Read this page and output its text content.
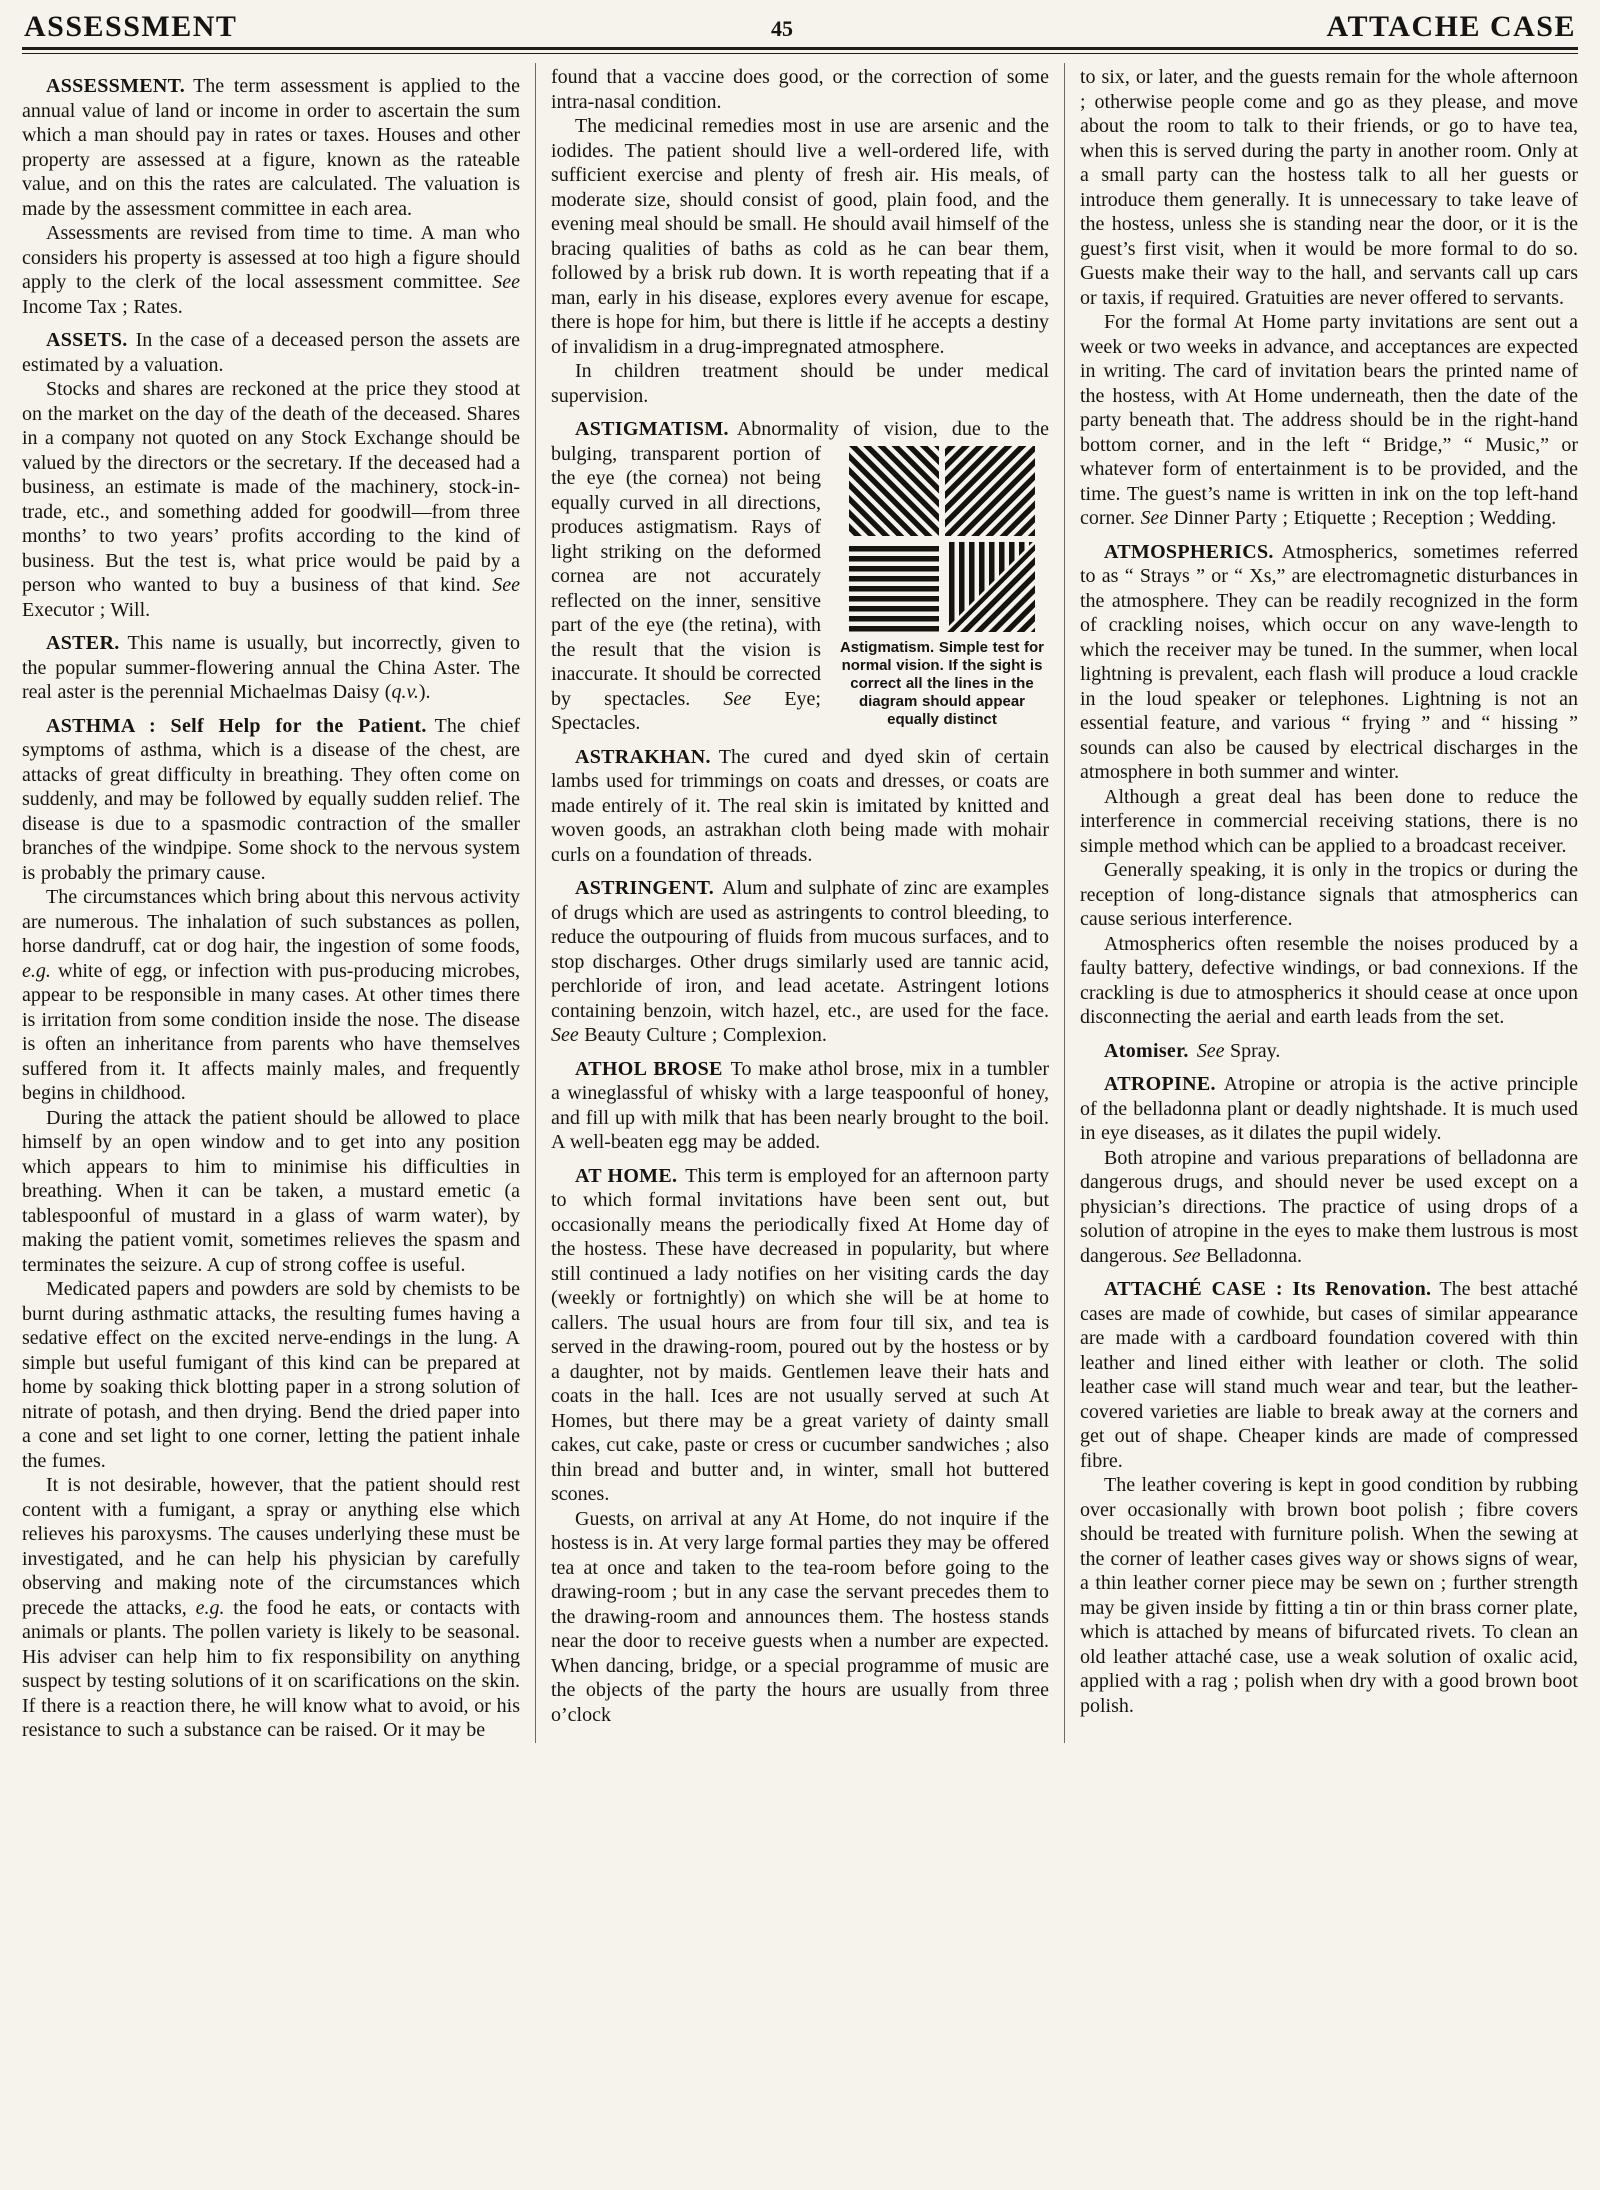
ASSESSMENT	45	ATTACHE CASE

ASSESSMENT. The term assessment is applied to the annual value of land or income in order to ascertain the sum which a man should pay in rates or taxes. Houses and other property are assessed at a figure, known as the rateable value, and on this the rates are calculated. The valuation is made by the assessment committee in each area.

Assessments are revised from time to time. A man who considers his property is assessed at too high a figure should apply to the clerk of the local assessment committee. See Income Tax ; Rates.

ASSETS. In the case of a deceased person the assets are estimated by a valuation.

Stocks and shares are reckoned at the price they stood at on the market on the day of the death of the deceased. Shares in a company not quoted on any Stock Exchange should be valued by the directors or the secretary. If the deceased had a business, an estimate is made of the machinery, stock-in-trade, etc., and something added for goodwill—from three months’ to two years’ profits according to the kind of business. But the test is, what price would be paid by a person who wanted to buy a business of that kind. See Executor ; Will.

ASTER. This name is usually, but incorrectly, given to the popular summer-flowering annual the China Aster. The real aster is the perennial Michaelmas Daisy (q.v.).

ASTHMA : Self Help for the Patient. The chief symptoms of asthma, which is a disease of the chest, are attacks of great difficulty in breathing. They often come on suddenly, and may be followed by equally sudden relief. The disease is due to a spasmodic contraction of the smaller branches of the windpipe. Some shock to the nervous system is probably the primary cause.

The circumstances which bring about this nervous activity are numerous. The inhalation of such substances as pollen, horse dandruff, cat or dog hair, the ingestion of some foods, e.g. white of egg, or infection with pus-producing microbes, appear to be responsible in many cases. At other times there is irritation from some condition inside the nose. The disease is often an inheritance from parents who have themselves suffered from it. It affects mainly males, and frequently begins in childhood.

During the attack the patient should be allowed to place himself by an open window and to get into any position which appears to him to minimise his difficulties in breathing. When it can be taken, a mustard emetic (a tablespoonful of mustard in a glass of warm water), by making the patient vomit, sometimes relieves the spasm and terminates the seizure. A cup of strong coffee is useful.

Medicated papers and powders are sold by chemists to be burnt during asthmatic attacks, the resulting fumes having a sedative effect on the excited nerve-endings in the lung. A simple but useful fumigant of this kind can be prepared at home by soaking thick blotting paper in a strong solution of nitrate of potash, and then drying. Bend the dried paper into a cone and set light to one corner, letting the patient inhale the fumes.

It is not desirable, however, that the patient should rest content with a fumigant, a spray or anything else which relieves his paroxysms. The causes underlying these must be investigated, and he can help his physician by carefully observing and making note of the circumstances which precede the attacks, e.g. the food he eats, or contacts with animals or plants. The pollen variety is likely to be seasonal. His adviser can help him to fix responsibility on anything suspect by testing solutions of it on scarifications on the skin. If there is a reaction there, he will know what to avoid, or his resistance to such a substance can be raised. Or it may be

found that a vaccine does good, or the correction of some intra-nasal condition.

The medicinal remedies most in use are arsenic and the iodides. The patient should live a well-ordered life, with sufficient exercise and plenty of fresh air. His meals, of moderate size, should consist of good, plain food, and the evening meal should be small. He should avail himself of the bracing qualities of baths as cold as he can bear them, followed by a brisk rub down. It is worth repeating that if a man, early in his disease, explores every avenue for escape, there is hope for him, but there is little if he accepts a destiny of invalidism in a drug-impregnated atmosphere.

In children treatment should be under medical supervision.

ASTIGMATISM. Abnormality of vision, due to the bulging, transparent portion of
Astigmatism. Simple test for normal vision. If the sight is correct all the lines in the diagram should appear equally distinct
the eye (the cornea) not being equally curved in all directions, produces astigmatism. Rays of light striking on the deformed cornea are not accurately reflected on the inner, sensitive part of the eye (the retina), with the result that the vision is inaccurate. It should be corrected by spectacles. See Eye; Spectacles.

ASTRAKHAN. The cured and dyed skin of certain lambs used for trimmings on coats and dresses, or coats are made entirely of it. The real skin is imitated by knitted and woven goods, an astrakhan cloth being made with mohair curls on a foundation of threads.

ASTRINGENT. Alum and sulphate of zinc are examples of drugs which are used as astringents to control bleeding, to reduce the outpouring of fluids from mucous surfaces, and to stop discharges. Other drugs similarly used are tannic acid, perchloride of iron, and lead acetate. Astringent lotions containing benzoin, witch hazel, etc., are used for the face. See Beauty Culture ; Complexion.

ATHOL BROSE To make athol brose, mix in a tumbler a wineglassful of whisky with a large teaspoonful of honey, and fill up with milk that has been nearly brought to the boil. A well-beaten egg may be added.

AT HOME. This term is employed for an afternoon party to which formal invitations have been sent out, but occasionally means the periodically fixed At Home day of the hostess. These have decreased in popularity, but where still continued a lady notifies on her visiting cards the day (weekly or fortnightly) on which she will be at home to callers. The usual hours are from four till six, and tea is served in the drawing-room, poured out by the hostess or by a daughter, not by maids. Gentlemen leave their hats and coats in the hall. Ices are not usually served at such At Homes, but there may be a great variety of dainty small cakes, cut cake, paste or cress or cucumber sandwiches ; also thin bread and butter and, in winter, small hot buttered scones.

Guests, on arrival at any At Home, do not inquire if the hostess is in. At very large formal parties they may be offered tea at once and taken to the tea-room before going to the drawing-room ; but in any case the servant precedes them to the drawing-room and announces them. The hostess stands near the door to receive guests when a number are expected. When dancing, bridge, or a special programme of music are the objects of the party the hours are usually from three o’clock

to six, or later, and the guests remain for the whole afternoon ; otherwise people come and go as they please, and move about the room to talk to their friends, or go to have tea, when this is served during the party in another room. Only at a small party can the hostess talk to all her guests or introduce them generally. It is unnecessary to take leave of the hostess, unless she is standing near the door, or it is the guest’s first visit, when it would be more formal to do so. Guests make their way to the hall, and servants call up cars or taxis, if required. Gratuities are never offered to servants.

For the formal At Home party invitations are sent out a week or two weeks in advance, and acceptances are expected in writing. The card of invitation bears the printed name of the hostess, with At Home underneath, then the date of the party beneath that. The address should be in the right-hand bottom corner, and in the left “ Bridge,” “ Music,” or whatever form of entertainment is to be provided, and the time. The guest’s name is written in ink on the top left-hand corner. See Dinner Party ; Etiquette ; Reception ; Wedding.

ATMOSPHERICS. Atmospherics, sometimes referred to as “ Strays ” or “ Xs,” are electromagnetic disturbances in the atmosphere. They can be readily recognized in the form of crackling noises, which occur on any wave-length to which the receiver may be tuned. In the summer, when local lightning is prevalent, each flash will produce a loud crackle in the loud speaker or telephones. Lightning is not an essential feature, and various “ frying ” and “ hissing ” sounds can also be caused by electrical discharges in the atmosphere in both summer and winter.

Although a great deal has been done to reduce the interference in commercial receiving stations, there is no simple method which can be applied to a broadcast receiver.

Generally speaking, it is only in the tropics or during the reception of long-distance signals that atmospherics can cause serious interference.

Atmospherics often resemble the noises produced by a faulty battery, defective windings, or bad connexions. If the crackling is due to atmospherics it should cease at once upon disconnecting the aerial and earth leads from the set.

Atomiser. See Spray.

ATROPINE. Atropine or atropia is the active principle of the belladonna plant or deadly nightshade. It is much used in eye diseases, as it dilates the pupil widely.

Both atropine and various preparations of belladonna are dangerous drugs, and should never be used except on a physician’s directions. The practice of using drops of a solution of atropine in the eyes to make them lustrous is most dangerous. See Belladonna.

ATTACHÉ CASE : Its Renovation. The best attaché cases are made of cowhide, but cases of similar appearance are made with a cardboard foundation covered with thin leather and lined either with leather or cloth. The solid leather case will stand much wear and tear, but the leather-covered varieties are liable to break away at the corners and get out of shape. Cheaper kinds are made of compressed fibre.

The leather covering is kept in good condition by rubbing over occasionally with brown boot polish ; fibre covers should be treated with furniture polish. When the sewing at the corner of leather cases gives way or shows signs of wear, a thin leather corner piece may be sewn on ; further strength may be given inside by fitting a tin or thin brass corner plate, which is attached by means of bifurcated rivets. To clean an old leather attaché case, use a weak solution of oxalic acid, applied with a rag ; polish when dry with a good brown boot polish.
